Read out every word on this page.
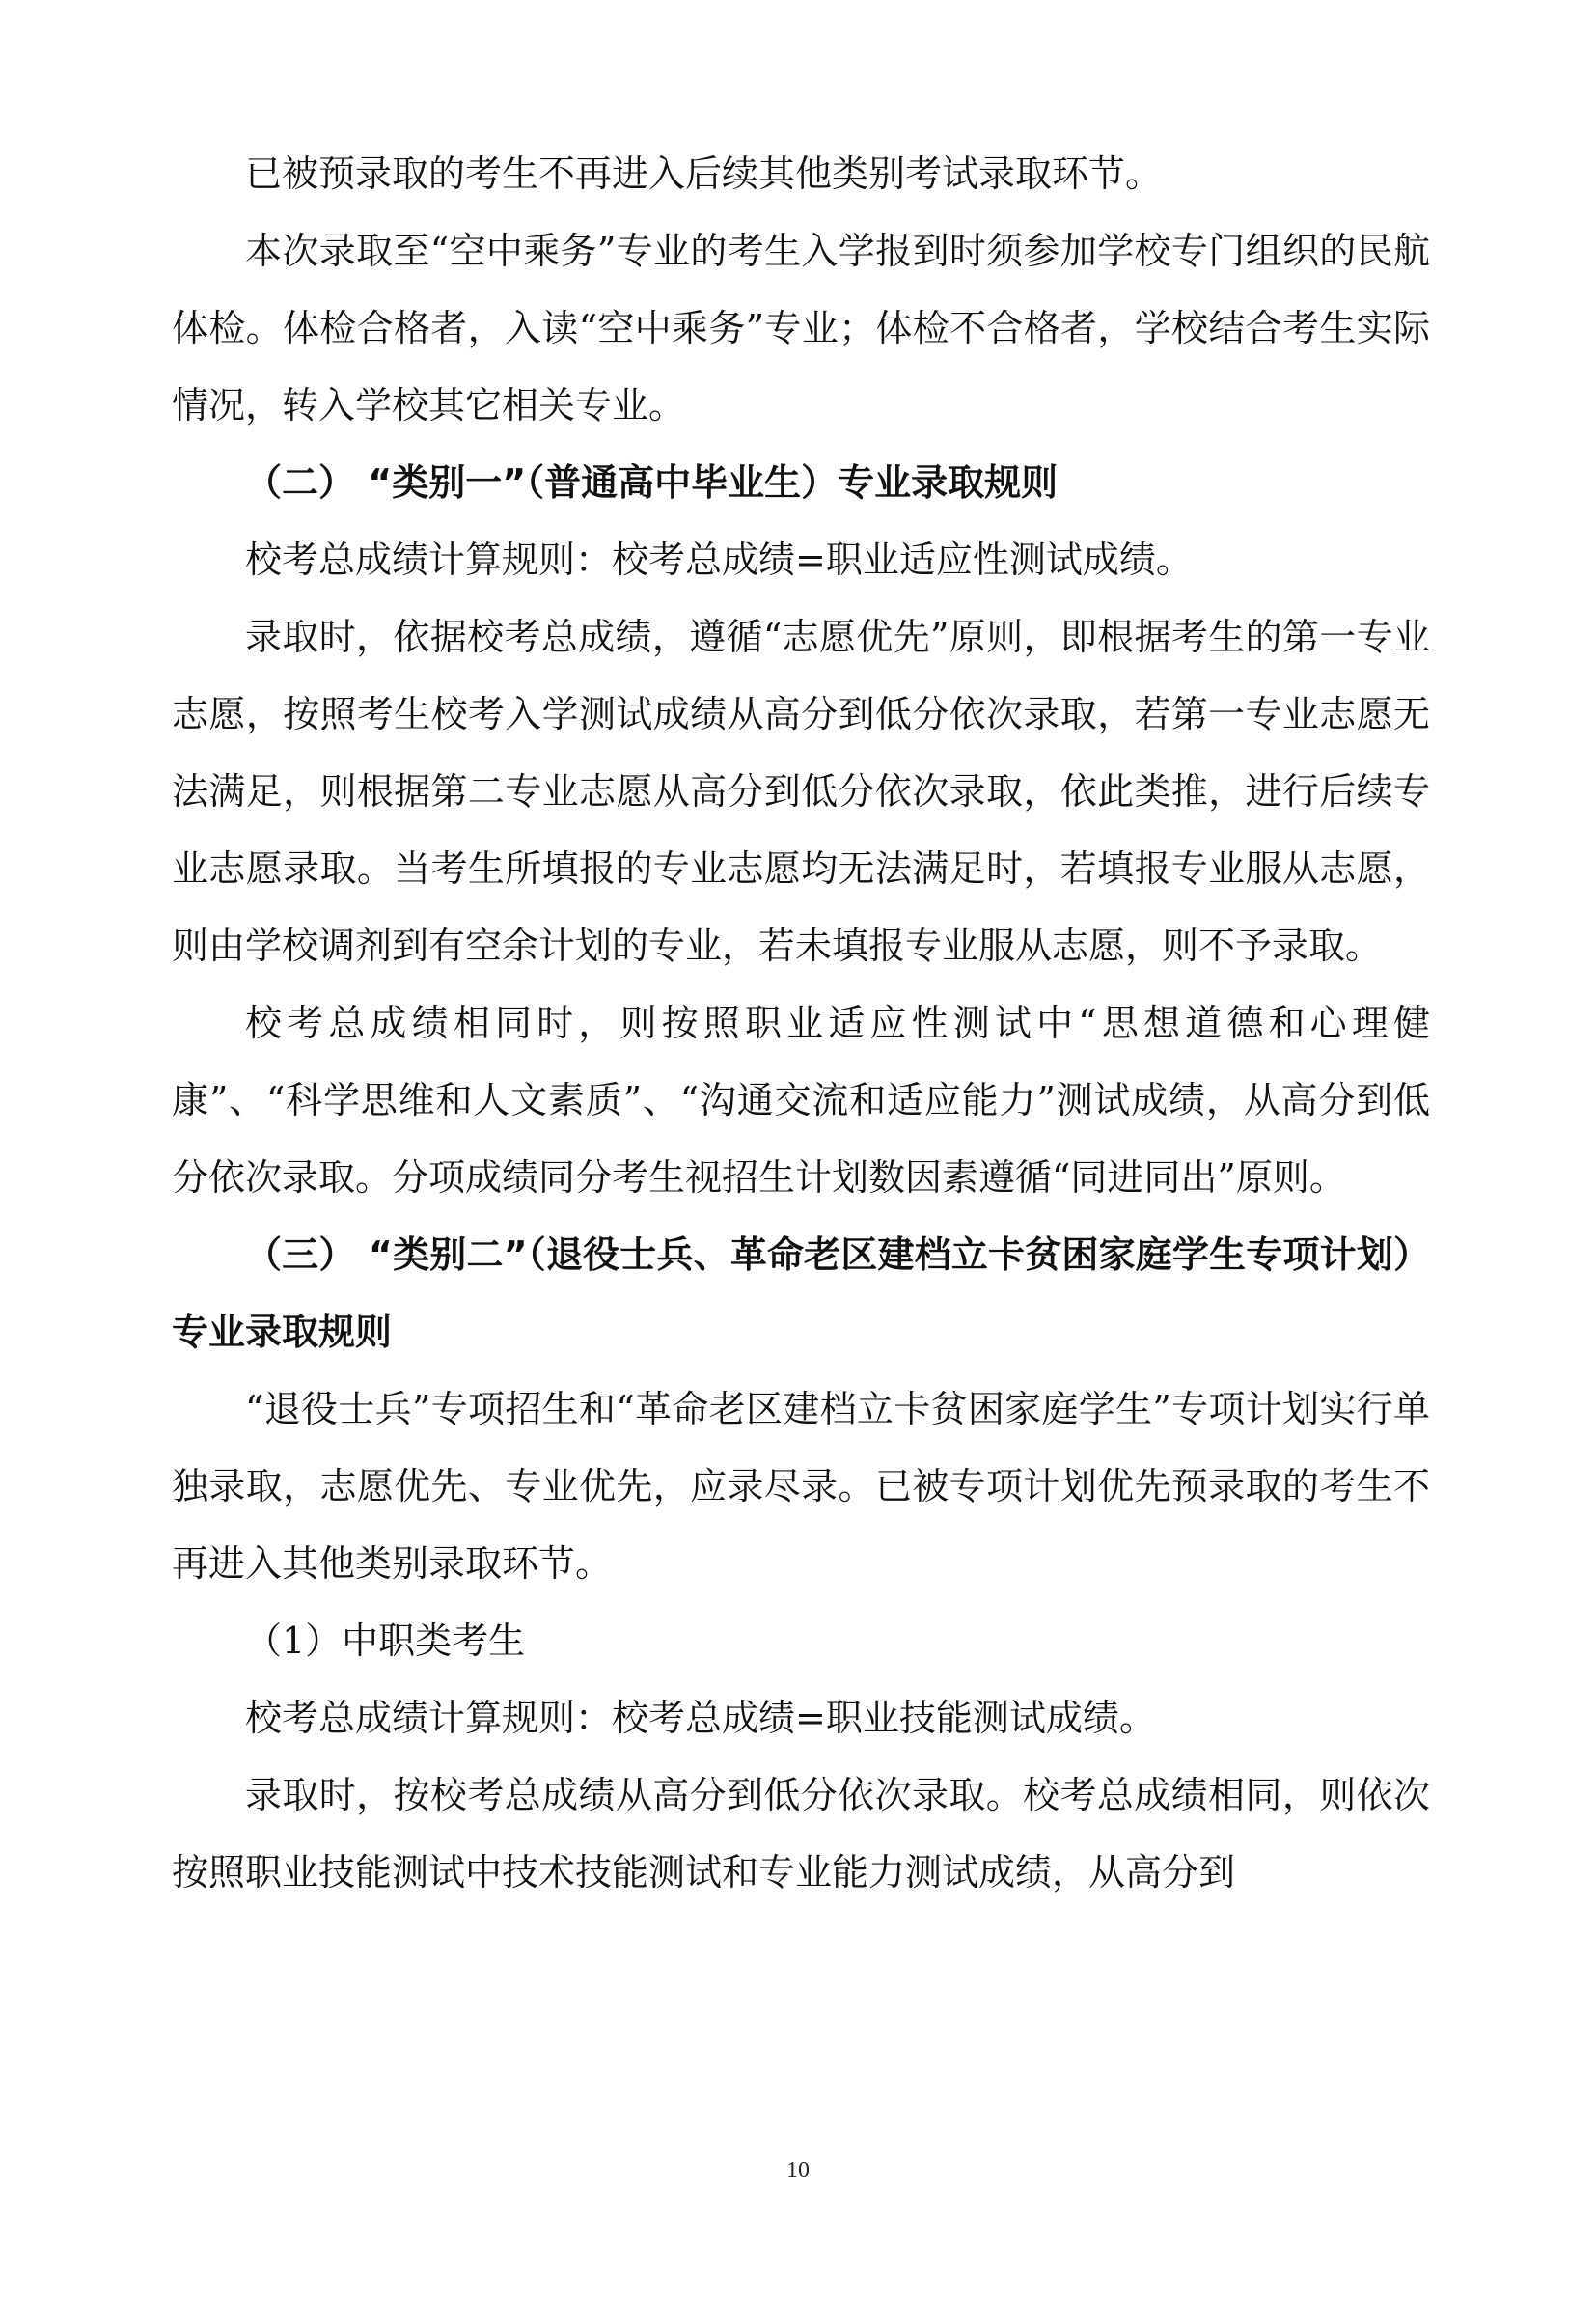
已被预录取的考生不再进入后续其他类别考试录取环节。

本次录取至“空中乘务”专业的考生入学报到时须参加学校专门组织的民航体检。体检合格者，入读“空中乘务”专业；体检不合格者，学校结合考生实际情况，转入学校其它相关专业。

（二） “类别一”（普通高中毕业生）专业录取规则

校考总成绩计算规则：校考总成绩=职业适应性测试成绩。

录取时，依据校考总成绩，遵循“志愿优先”原则，即根据考生的第一专业志愿，按照考生校考入学测试成绩从高分到低分依次录取，若第一专业志愿无法满足，则根据第二专业志愿从高分到低分依次录取，依此类推，进行后续专业志愿录取。当考生所填报的专业志愿均无法满足时，若填报专业服从志愿，则由学校调剂到有空余计划的专业，若未填报专业服从志愿，则不予录取。

校考总成绩相同时，则按照职业适应性测试中“思想道德和心理健康”、“科学思维和人文素质”、“沟通交流和适应能力”测试成绩，从高分到低分依次录取。分项成绩同分考生视招生计划数因素遵循“同进同出”原则。

（三） “类别二”（退役士兵、革命老区建档立卡贫困家庭学生专项计划）专业录取规则

“退役士兵”专项招生和“革命老区建档立卡贫困家庭学生”专项计划实行单独录取，志愿优先、专业优先，应录尽录。已被专项计划优先预录取的考生不再进入其他类别录取环节。

（1）中职类考生

校考总成绩计算规则：校考总成绩=职业技能测试成绩。

录取时，按校考总成绩从高分到低分依次录取。校考总成绩相同，则依次按照职业技能测试中技术技能测试和专业能力测试成绩，从高分到

10
